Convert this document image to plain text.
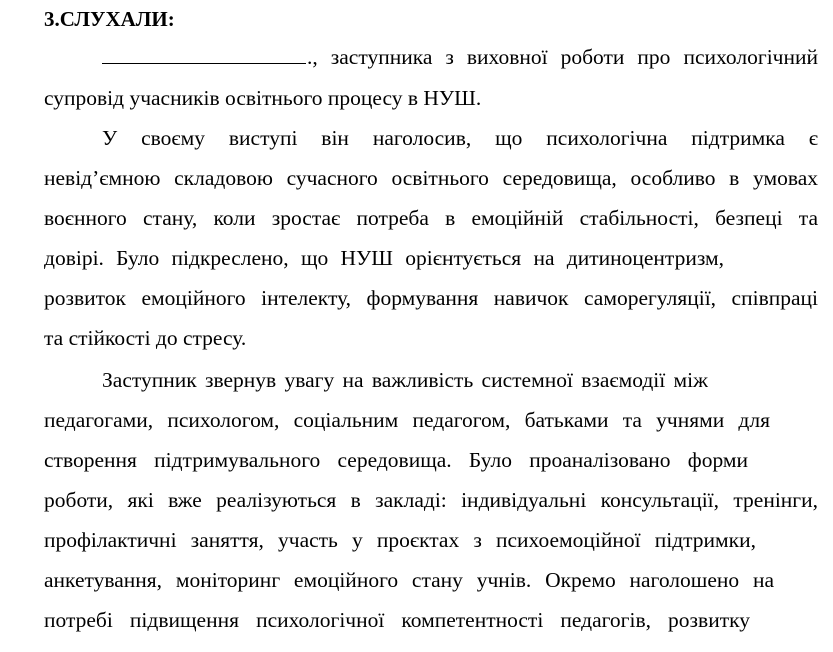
3.СЛУХАЛИ:
., заступника з виховної роботи про психологічний
супровід учасників освітнього процесу в НУШ.
У своєму виступі він наголосив, що психологічна підтримка є
невід’ємною складовою сучасного освітнього середовища, особливо в умовах
воєнного стану, коли зростає потреба в емоційній стабільності, безпеці та
довірі. Було підкреслено, що НУШ орієнтується на дитиноцентризм,
розвиток емоційного інтелекту, формування навичок саморегуляції, співпраці
та стійкості до стресу.
Заступник звернув увагу на важливість системної взаємодії між
педагогами, психологом, соціальним педагогом, батьками та учнями для
створення підтримувального середовища. Було проаналізовано форми
роботи, які вже реалізуються в закладі: індивідуальні консультації, тренінги,
профілактичні заняття, участь у проєктах з психоемоційної підтримки,
анкетування, моніторинг емоційного стану учнів. Окремо наголошено на
потребі підвищення психологічної компетентності педагогів, розвитку
